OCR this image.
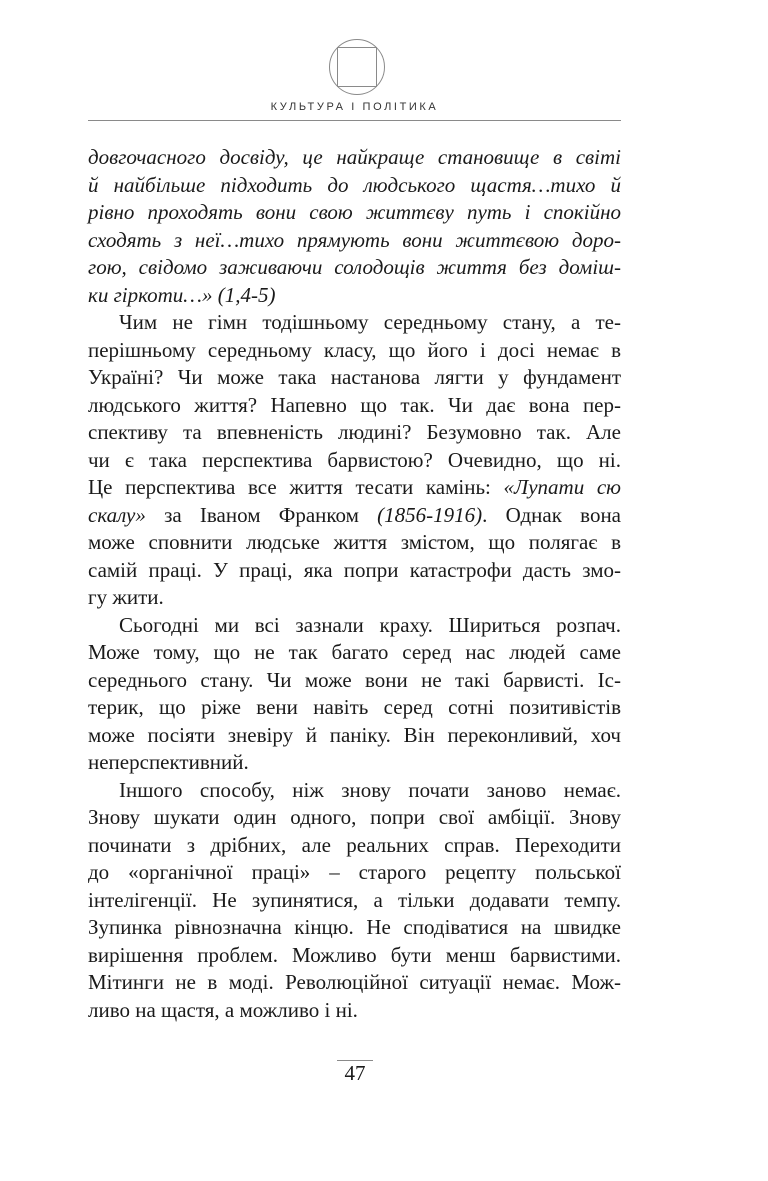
КУЛЬТУРА І ПОЛІТИКА
довгочасного досвіду, це найкраще становище в світі
й найбільше підходить до людського щастя…тихо й
рівно проходять вони свою життєву путь і спокійно
сходять з неї…тихо прямують вони життєвою доро-
гою, свідомо заживаючи солодощів життя без доміш-
ки гіркоти…» (1,4-5)
Чим не гімн тодішньому середньому стану, а те-
перішньому середньому класу, що його і досі немає в
Україні? Чи може така настанова лягти у фундамент
людського життя? Напевно що так. Чи дає вона пер-
спективу та впевненість людині? Безумовно так. Але
чи є така перспектива барвистою? Очевидно, що ні.
Це перспектива все життя тесати камінь: «Лупати сю
скалу» за Іваном Франком (1856-1916). Однак вона
може сповнити людське життя змістом, що полягає в
самій праці. У праці, яка попри катастрофи дасть змо-
гу жити.
Сьогодні ми всі зазнали краху. Шириться розпач.
Може тому, що не так багато серед нас людей саме
середнього стану. Чи може вони не такі барвисті. Іс-
терик, що ріже вени навіть серед сотні позитивістів
може посіяти зневіру й паніку. Він переконливий, хоч
неперспективний.
Іншого способу, ніж знову почати заново немає.
Знову шукати один одного, попри свої амбіції. Знову
починати з дрібних, але реальних справ. Переходити
до «органічної праці» – старого рецепту польської
інтелігенції. Не зупинятися, а тільки додавати темпу.
Зупинка рівнозначна кінцю. Не сподіватися на швидке
вирішення проблем. Можливо бути менш барвистими.
Мітинги не в моді. Революційної ситуації немає. Мож-
ливо на щастя, а можливо і ні.
47
